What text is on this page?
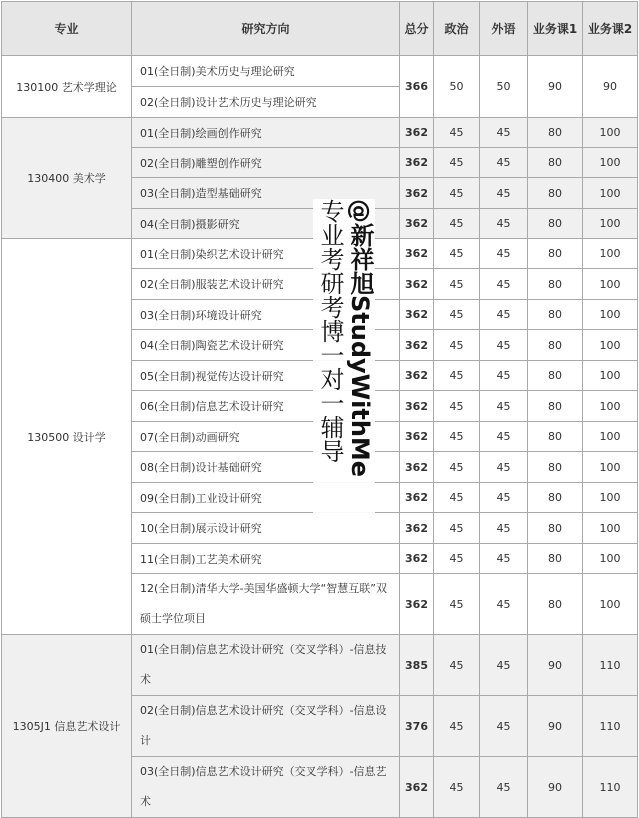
专业	研究方向	总分	政治	外语	业务课1	业务课2
130100 艺术学理论	01(全日制)美术历史与理论研究	366	50	50	90	90
	02(全日制)设计艺术历史与理论研究					
130400 美术学	01(全日制)绘画创作研究	362	45	45	80	100
	02(全日制)雕塑创作研究	362	45	45	80	100
	03(全日制)造型基础研究	362	45	45	80	100
	04(全日制)摄影研究	362	45	45	80	100
130500 设计学	01(全日制)染织艺术设计研究	362	45	45	80	100
	02(全日制)服装艺术设计研究	362	45	45	80	100
	03(全日制)环境设计研究	362	45	45	80	100
	04(全日制)陶瓷艺术设计研究	362	45	45	80	100
	05(全日制)视觉传达设计研究	362	45	45	80	100
	06(全日制)信息艺术设计研究	362	45	45	80	100
	07(全日制)动画研究	362	45	45	80	100
	08(全日制)设计基础研究	362	45	45	80	100
	09(全日制)工业设计研究	362	45	45	80	100
	10(全日制)展示设计研究	362	45	45	80	100
	11(全日制)工艺美术研究	362	45	45	80	100
	12(全日制)清华大学-美国华盛顿大学“智慧互联”双硕士学位项目	362	45	45	80	100
1305J1 信息艺术设计	01(全日制)信息艺术设计研究（交叉学科）-信息技术	385	45	45	90	110
	02(全日制)信息艺术设计研究（交叉学科）-信息设计	376	45	45	90	110
	03(全日制)信息艺术设计研究（交叉学科）-信息艺术	362	45	45	90	110
@新祥旭StudyWithMe
专业考研考博一对一辅导
